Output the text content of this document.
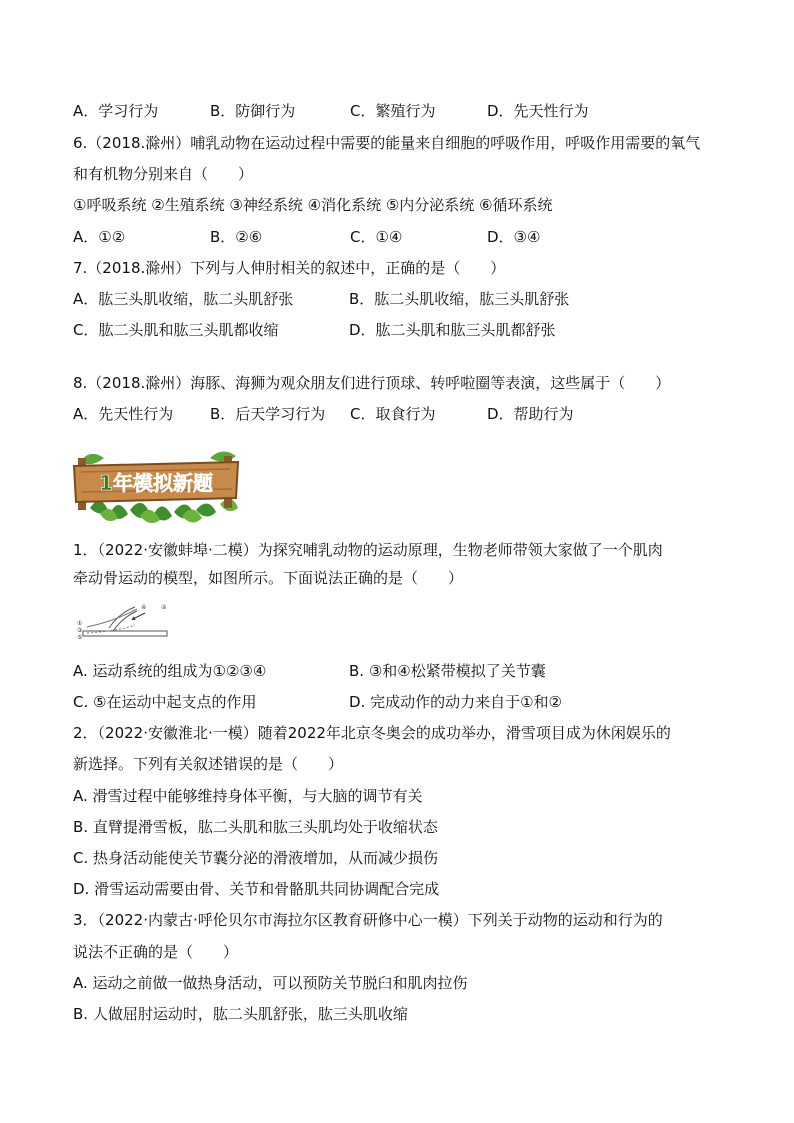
A．学习行为	B．防御行为	C．繁殖行为	D．先天性行为
6.（2018.滁州）哺乳动物在运动过程中需要的能量来自细胞的呼吸作用，呼吸作用需要的氧气
和有机物分别来自（　　）
①呼吸系统 ②生殖系统 ③神经系统 ④消化系统 ⑤内分泌系统 ⑥循环系统
A．①②	B．②⑥	C．①④	D．③④
7.（2018.滁州）下列与人伸肘相关的叙述中，正确的是（　　）
A．肱三头肌收缩，肱二头肌舒张	B．肱二头肌收缩，肱三头肌舒张
C．肱二头肌和肱三头肌都收缩	D．肱二头肌和肱三头肌都舒张
8.（2018.滁州）海豚、海狮为观众朋友们进行顶球、转呼啦圈等表演，这些属于（　　）
A．先天性行为	B．后天学习行为	C．取食行为	D．帮助行为
1年模拟新题
1．（2022·安徽蚌埠·二模）为探究哺乳动物的运动原理，生物老师带领大家做了一个肌肉
牵动骨运动的模型，如图所示。下面说法正确的是（　　）
①
②
③
④
⑤
A. 运动系统的组成为①②③④	B. ③和④松紧带模拟了关节囊
C. ⑤在运动中起支点的作用	D. 完成动作的动力来自于①和②
2．（2022·安徽淮北·一模）随着2022年北京冬奥会的成功举办，滑雪项目成为休闲娱乐的
新选择。下列有关叙述错误的是（　　）
A. 滑雪过程中能够维持身体平衡，与大脑的调节有关
B. 直臂提滑雪板，肱二头肌和肱三头肌均处于收缩状态
C. 热身活动能使关节囊分泌的滑液增加，从而减少损伤
D. 滑雪运动需要由骨、关节和骨骼肌共同协调配合完成
3．（2022·内蒙古·呼伦贝尔市海拉尔区教育研修中心一模）下列关于动物的运动和行为的
说法不正确的是（　　）
A. 运动之前做一做热身活动，可以预防关节脱臼和肌肉拉伤
B. 人做屈肘运动时，肱二头肌舒张，肱三头肌收缩
